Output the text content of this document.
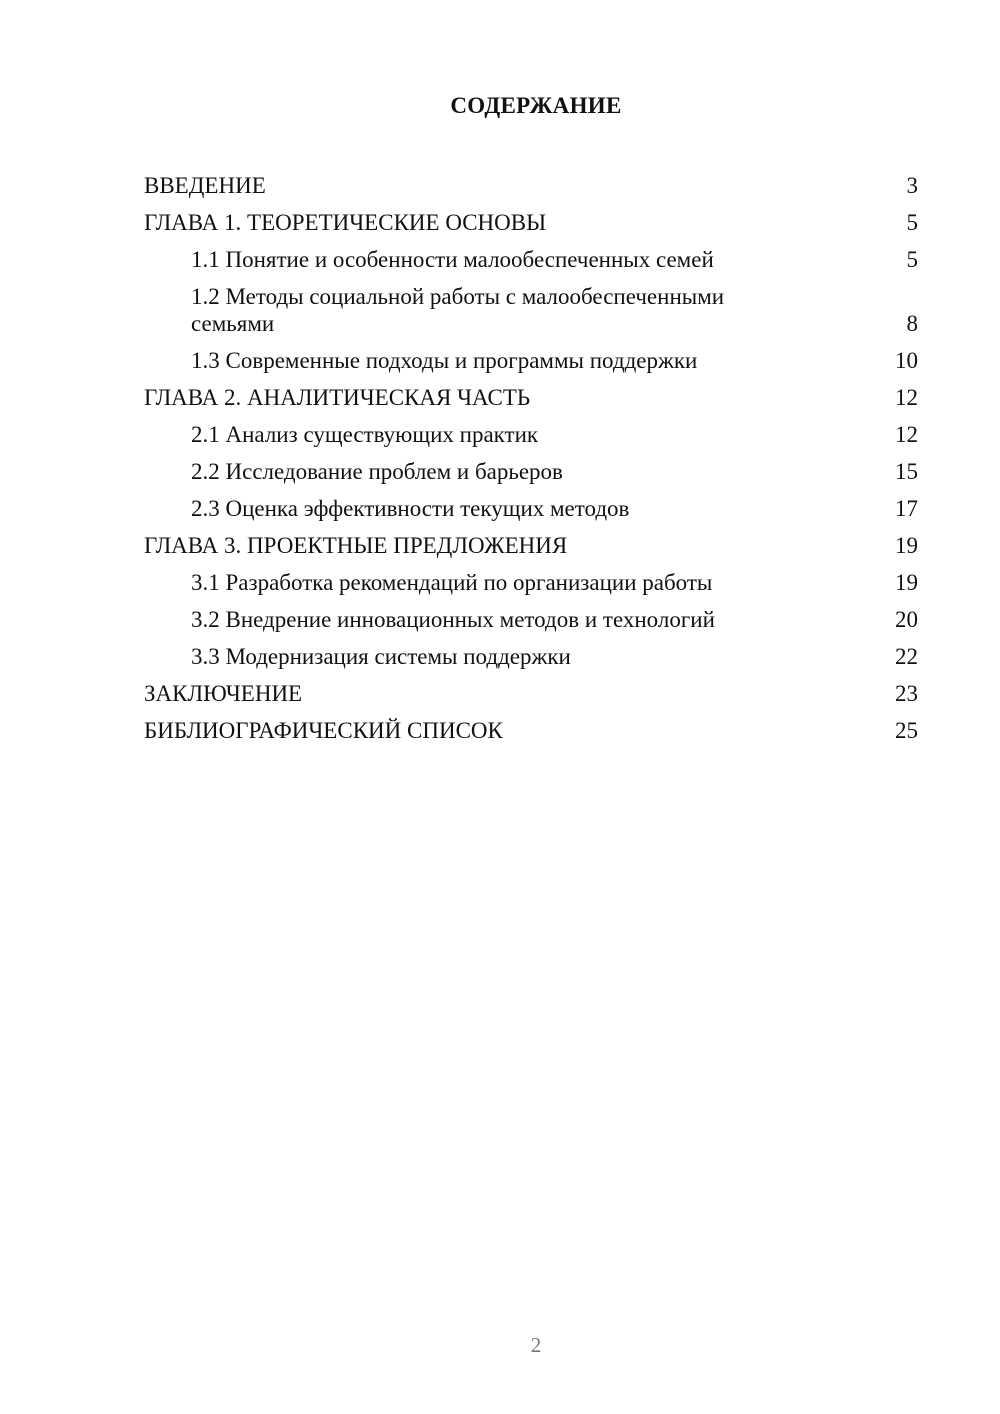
СОДЕРЖАНИЕ
ВВЕДЕНИЕ	3
ГЛАВА 1. ТЕОРЕТИЧЕСКИЕ ОСНОВЫ	5
1.1 Понятие и особенности малообеспеченных семей	5
1.2 Методы социальной работы с малообеспеченными семьями	8
1.3 Современные подходы и программы поддержки	10
ГЛАВА 2. АНАЛИТИЧЕСКАЯ ЧАСТЬ	12
2.1 Анализ существующих практик	12
2.2 Исследование проблем и барьеров	15
2.3 Оценка эффективности текущих методов	17
ГЛАВА 3. ПРОЕКТНЫЕ ПРЕДЛОЖЕНИЯ	19
3.1 Разработка рекомендаций по организации работы	19
3.2 Внедрение инновационных методов и технологий	20
3.3 Модернизация системы поддержки	22
ЗАКЛЮЧЕНИЕ	23
БИБЛИОГРАФИЧЕСКИЙ СПИСОК	25
2
